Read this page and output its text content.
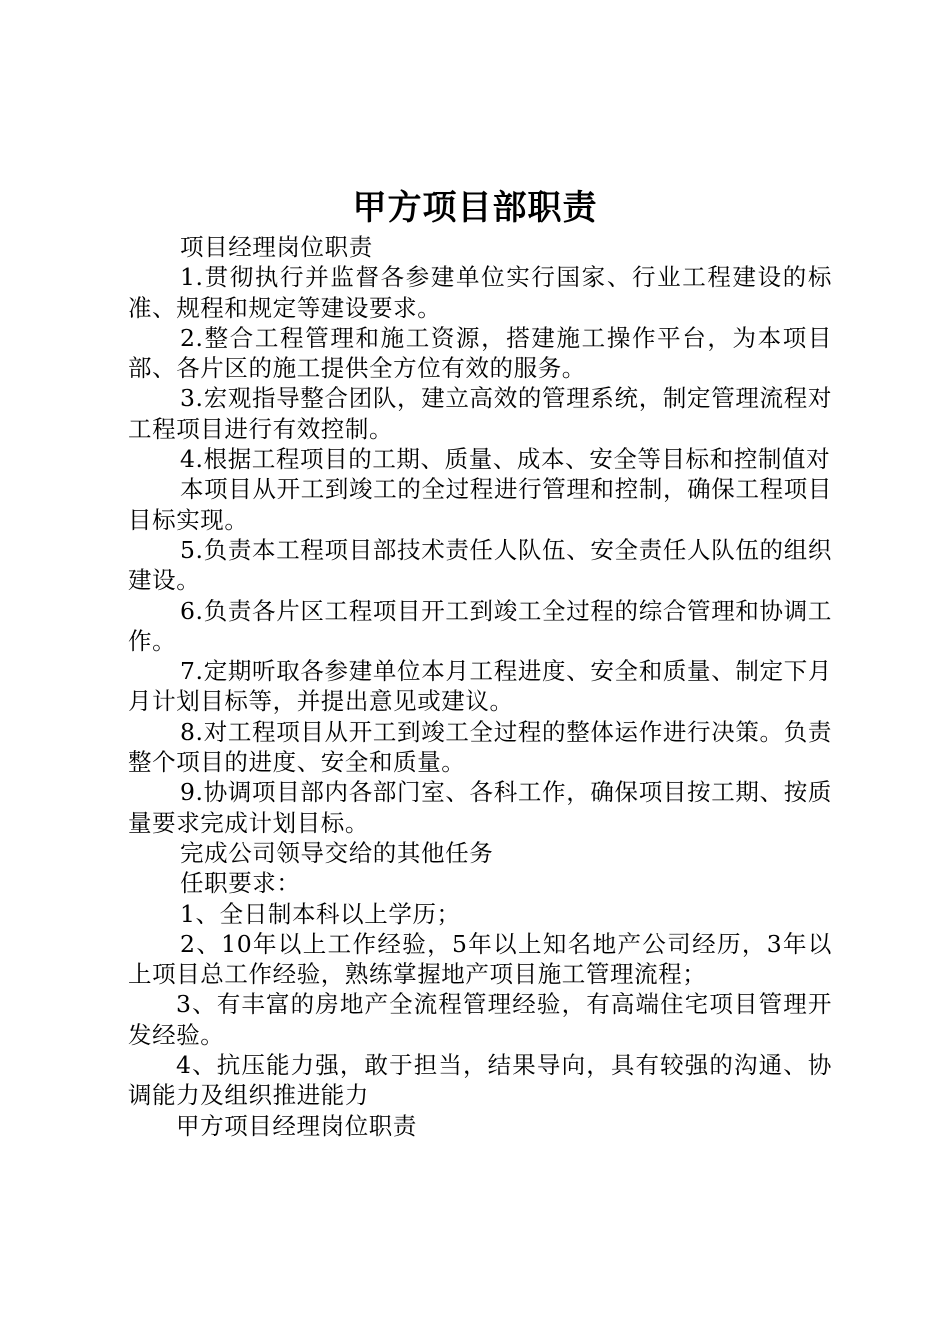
甲方项目部职责

项目经理岗位职责

1.贯彻执行并监督各参建单位实行国家、行业工程建设的标准、规程和规定等建设要求。

2.整合工程管理和施工资源，搭建施工操作平台，为本项目部、各片区的施工提供全方位有效的服务。

3.宏观指导整合团队，建立高效的管理系统，制定管理流程对工程项目进行有效控制。

4.根据工程项目的工期、质量、成本、安全等目标和控制值对

本项目从开工到竣工的全过程进行管理和控制，确保工程项目目标实现。

5.负责本工程项目部技术责任人队伍、安全责任人队伍的组织建设。

6.负责各片区工程项目开工到竣工全过程的综合管理和协调工作。

7.定期听取各参建单位本月工程进度、安全和质量、制定下月月计划目标等，并提出意见或建议。

8.对工程项目从开工到竣工全过程的整体运作进行决策。负责整个项目的进度、安全和质量。

9.协调项目部内各部门室、各科工作，确保项目按工期、按质量要求完成计划目标。

完成公司领导交给的其他任务

任职要求：

1、全日制本科以上学历；

2、10年以上工作经验，5年以上知名地产公司经历，3年以上项目总工作经验，熟练掌握地产项目施工管理流程；

3、有丰富的房地产全流程管理经验，有高端住宅项目管理开发经验。

4、抗压能力强，敢于担当，结果导向，具有较强的沟通、协调能力及组织推进能力

甲方项目经理岗位职责
